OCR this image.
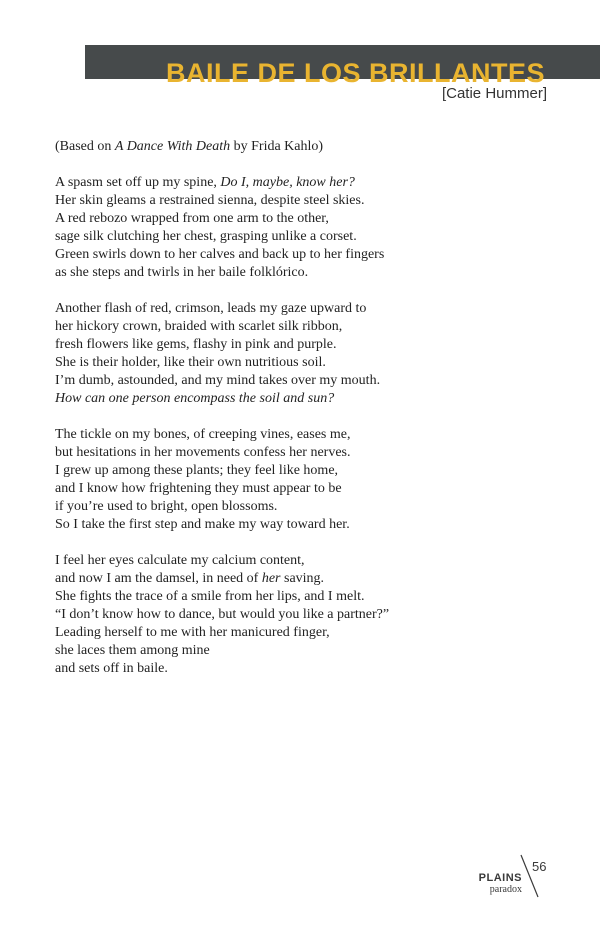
BAILE DE LOS BRILLANTES
[Catie Hummer]

(Based on A Dance With Death by Frida Kahlo)

A spasm set off up my spine, Do I, maybe, know her?

Her skin gleams a restrained sienna, despite steel skies.

A red rebozo wrapped from one arm to the other,

sage silk clutching her chest, grasping unlike a corset.

Green swirls down to her calves and back up to her fingers

as she steps and twirls in her baile folklórico.

Another flash of red, crimson, leads my gaze upward to

her hickory crown, braided with scarlet silk ribbon,

fresh flowers like gems, flashy in pink and purple.

She is their holder, like their own nutritious soil.

I’m dumb, astounded, and my mind takes over my mouth.

How can one person encompass the soil and sun?

The tickle on my bones, of creeping vines, eases me,

but hesitations in her movements confess her nerves.

I grew up among these plants; they feel like home,

and I know how frightening they must appear to be

if you’re used to bright, open blossoms.

So I take the first step and make my way toward her.

I feel her eyes calculate my calcium content,

and now I am the damsel, in need of her saving.

She fights the trace of a smile from her lips, and I melt.

“I don’t know how to dance, but would you like a partner?”

Leading herself to me with her manicured finger,

she laces them among mine

and sets off in baile.

PLAINS
paradox
56
